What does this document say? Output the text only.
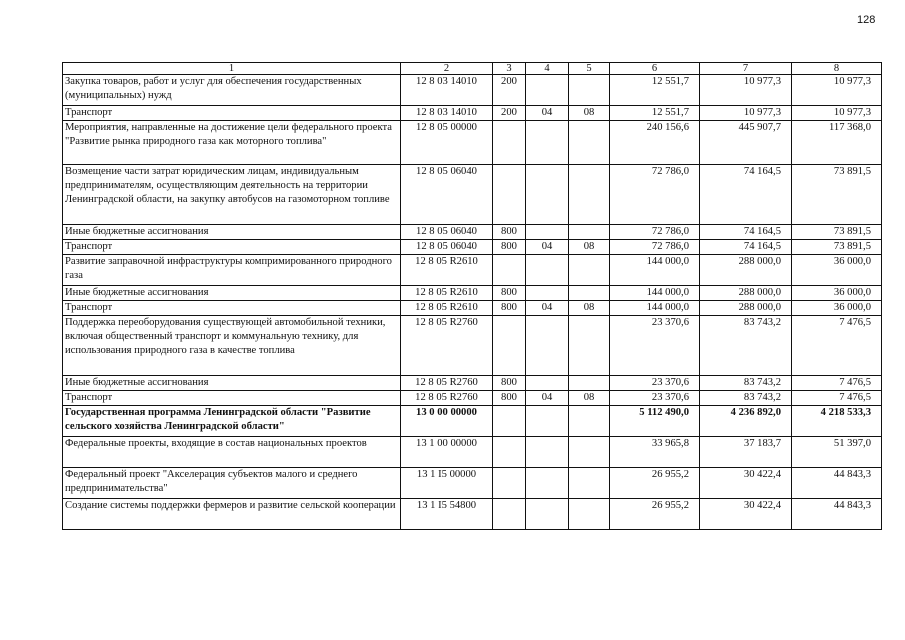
128
1	2	3	4	5	6	7	8
Закупка товаров, работ и услуг для обеспечения государственных (муниципальных) нужд	12 8 03 14010	200			12 551,7	10 977,3	10 977,3
Транспорт	12 8 03 14010	200	04	08	12 551,7	10 977,3	10 977,3
Мероприятия, направленные на достижение цели федерального проекта "Развитие рынка природного газа как моторного топлива"	12 8 05 00000				240 156,6	445 907,7	117 368,0
Возмещение части затрат юридическим лицам, индивидуальным предпринимателям, осуществляющим деятельность на территории Ленинградской области, на закупку автобусов на газомоторном топливе	12 8 05 06040				72 786,0	74 164,5	73 891,5
Иные бюджетные ассигнования	12 8 05 06040	800			72 786,0	74 164,5	73 891,5
Транспорт	12 8 05 06040	800	04	08	72 786,0	74 164,5	73 891,5
Развитие заправочной инфраструктуры компримированного природного газа	12 8 05 R2610				144 000,0	288 000,0	36 000,0
Иные бюджетные ассигнования	12 8 05 R2610	800			144 000,0	288 000,0	36 000,0
Транспорт	12 8 05 R2610	800	04	08	144 000,0	288 000,0	36 000,0
Поддержка переоборудования существующей автомобильной техники, включая общественный транспорт и коммунальную технику, для использования природного газа в качестве топлива	12 8 05 R2760				23 370,6	83 743,2	7 476,5
Иные бюджетные ассигнования	12 8 05 R2760	800			23 370,6	83 743,2	7 476,5
Транспорт	12 8 05 R2760	800	04	08	23 370,6	83 743,2	7 476,5
Государственная программа Ленинградской области "Развитие сельского хозяйства Ленинградской области"	13 0 00 00000				5 112 490,0	4 236 892,0	4 218 533,3
Федеральные проекты, входящие в состав национальных проектов	13 1 00 00000				33 965,8	37 183,7	51 397,0
Федеральный проект "Акселерация субъектов малого и среднего предпринимательства"	13 1 I5 00000				26 955,2	30 422,4	44 843,3
Создание системы поддержки фермеров и развитие сельской кооперации	13 1 I5 54800				26 955,2	30 422,4	44 843,3
